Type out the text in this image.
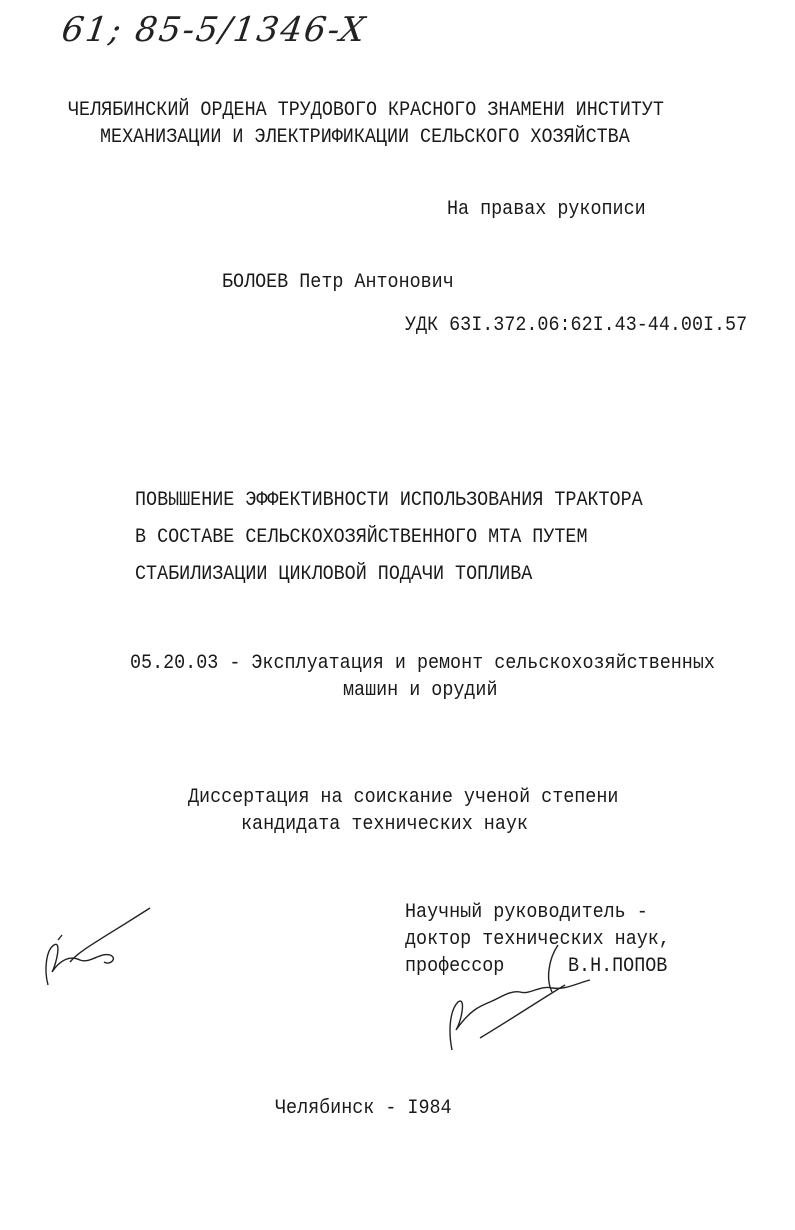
61; 85-5/1346-X
ЧЕЛЯБИНСКИЙ ОРДЕНА ТРУДОВОГО КРАСНОГО ЗНАМЕНИ ИНСТИТУТ
МЕХАНИЗАЦИИ И ЭЛЕКТРИФИКАЦИИ СЕЛЬСКОГО ХОЗЯЙСТВА
На правах рукописи
БОЛОЕВ Петр Антонович
УДК 63I.372.06:62I.43-44.00I.57
ПОВЫШЕНИЕ ЭФФЕКТИВНОСТИ ИСПОЛЬЗОВАНИЯ ТРАКТОРА
В СОСТАВЕ СЕЛЬСКОХОЗЯЙСТВЕННОГО МТА ПУТЕМ
СТАБИЛИЗАЦИИ ЦИКЛОВОЙ ПОДАЧИ ТОПЛИВА
05.20.03 - Эксплуатация и ремонт сельскохозяйственных
машин и орудий
Диссертация на соискание ученой степени
кандидата технических наук
Научный руководитель -
доктор технических наук,
профессор	В.Н.ПОПОВ
Челябинск - I984
